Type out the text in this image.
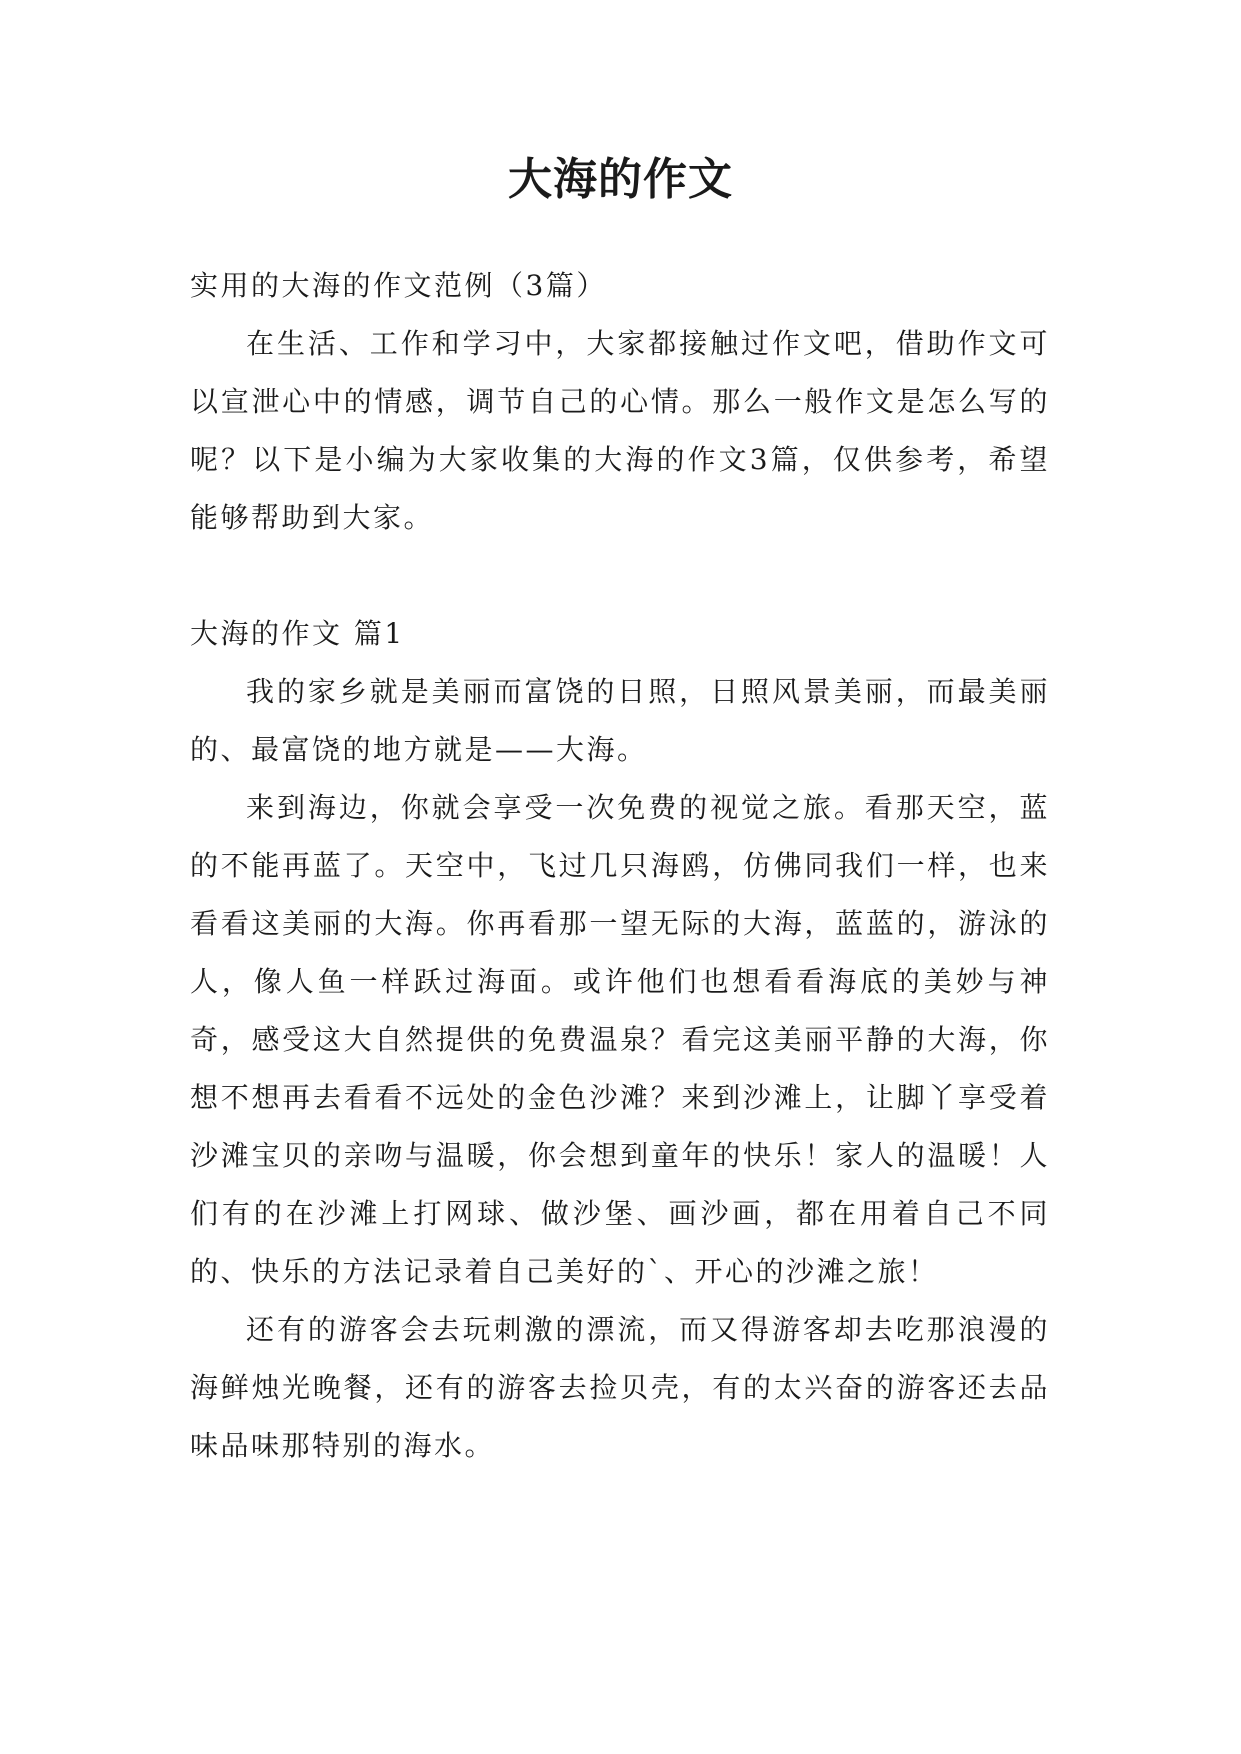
大海的作文

实用的大海的作文范例（3篇）

在生活、工作和学习中，大家都接触过作文吧，借助作文可以宣泄心中的情感，调节自己的心情。那么一般作文是怎么写的呢？以下是小编为大家收集的大海的作文3篇，仅供参考，希望能够帮助到大家。

大海的作文 篇1

我的家乡就是美丽而富饶的日照，日照风景美丽，而最美丽的、最富饶的地方就是——大海。

来到海边，你就会享受一次免费的视觉之旅。看那天空，蓝的不能再蓝了。天空中，飞过几只海鸥，仿佛同我们一样，也来看看这美丽的大海。你再看那一望无际的大海，蓝蓝的，游泳的人，像人鱼一样跃过海面。或许他们也想看看海底的美妙与神奇，感受这大自然提供的免费温泉？看完这美丽平静的大海，你想不想再去看看不远处的金色沙滩？来到沙滩上，让脚丫享受着沙滩宝贝的亲吻与温暖，你会想到童年的快乐！家人的温暖！人们有的在沙滩上打网球、做沙堡、画沙画，都在用着自己不同的、快乐的方法记录着自己美好的`、开心的沙滩之旅！

还有的游客会去玩刺激的漂流，而又得游客却去吃那浪漫的海鲜烛光晚餐，还有的游客去捡贝壳，有的太兴奋的游客还去品味品味那特别的海水。
